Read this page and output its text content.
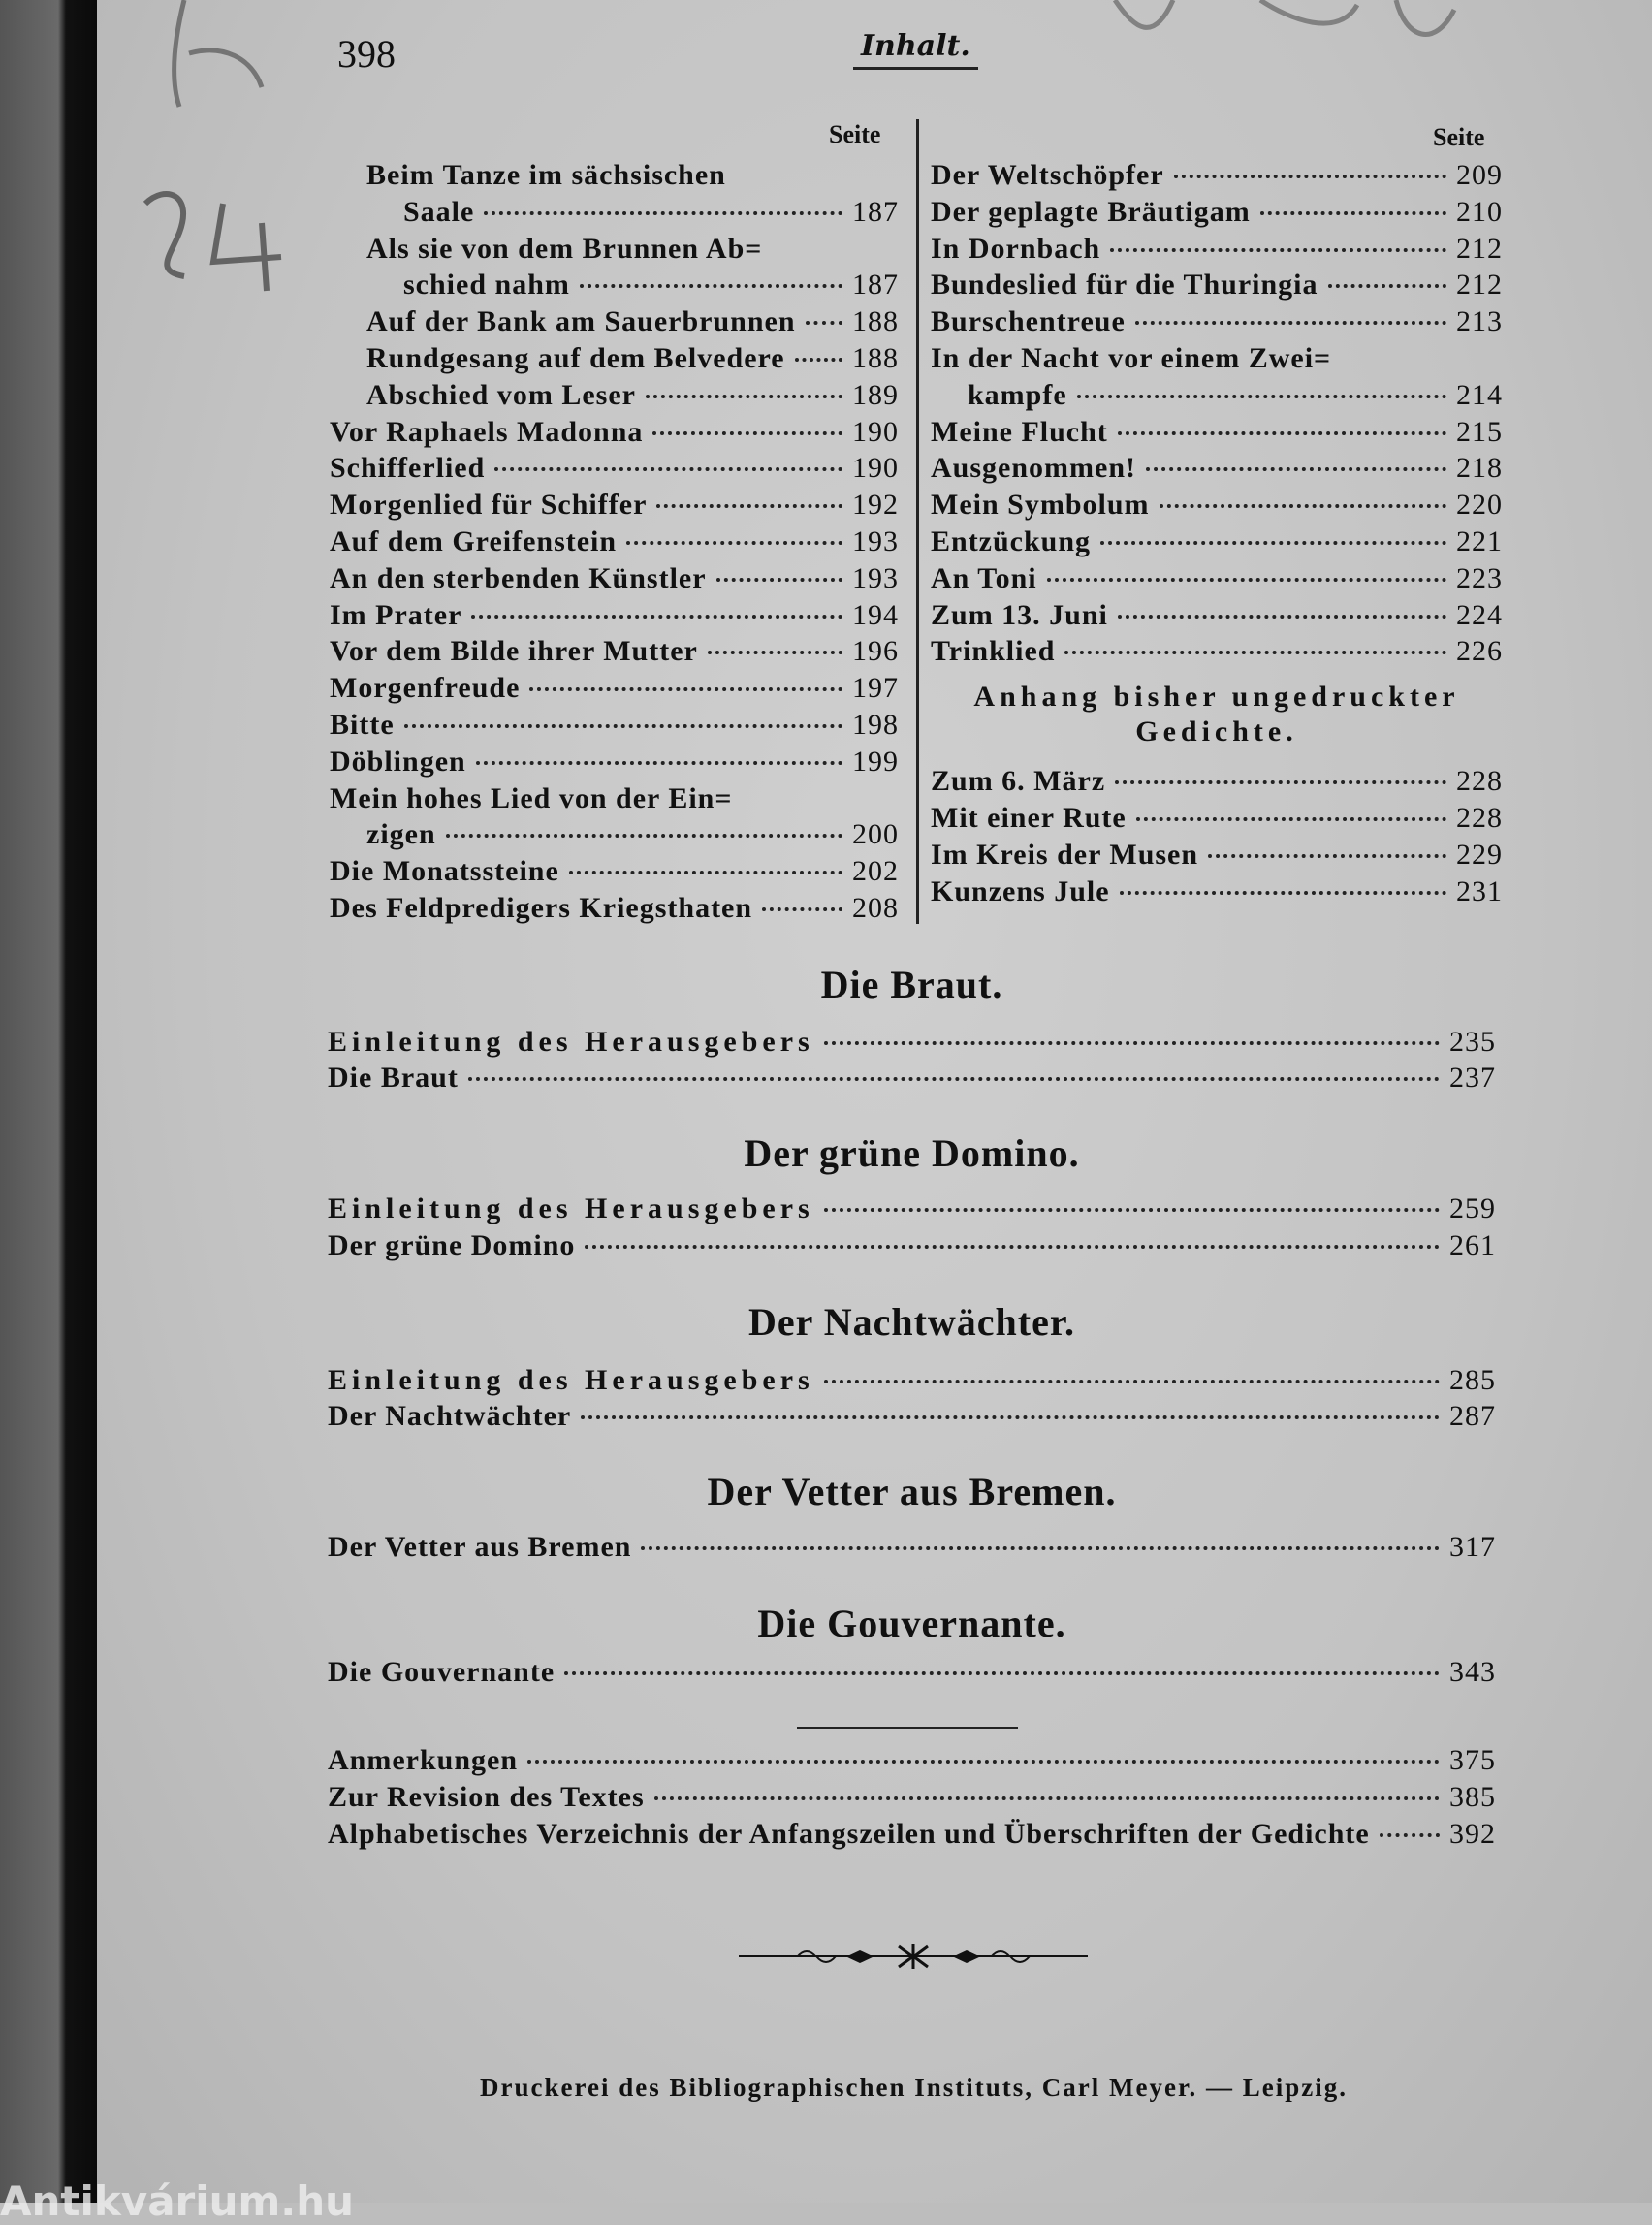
398	Inhalt.
Seite	Seite
Beim Tanze im sächsischen
Saale	187
Als sie von dem Brunnen Ab=
schied nahm	187
Auf der Bank am Sauerbrunnen 188
Rundgesang auf dem Belvedere 188
Abschied vom Leser	189
Vor Raphaels Madonna	190
Schifferlied	190
Morgenlied für Schiffer	192
Auf dem Greifenstein	193
An den sterbenden Künstler	193
Im Prater	194
Vor dem Bilde ihrer Mutter	196
Morgenfreude	197
Bitte	198
Döblingen	199
Mein hohes Lied von der Ein=
zigen	200
Die Monatssteine	202
Des Feldpredigers Kriegsthaten	208
Der Weltschöpfer	209
Der geplagte Bräutigam	210
In Dornbach	212
Bundeslied für die Thuringia	212
Burschentreue	213
In der Nacht vor einem Zwei=
kampfe	214
Meine Flucht	215
Ausgenommen!	218
Mein Symbolum	220
Entzückung	221
An Toni	223
Zum 13. Juni	224
Trinklied	226
Anhang bisher ungedruckter
Gedichte.
Zum 6. März	228
Mit einer Rute	228
Im Kreis der Musen	229
Kunzens Jule	231
Die Braut.
Einleitung des Herausgebers	235
Die Braut	237
Der grüne Domino.
Einleitung des Herausgebers	259
Der grüne Domino	261
Der Nachtwächter.
Einleitung des Herausgebers	285
Der Nachtwächter	287
Der Vetter aus Bremen.
Der Vetter aus Bremen	317
Die Gouvernante.
Die Gouvernante	343
Anmerkungen	375
Zur Revision des Textes	385
Alphabetisches Verzeichnis der Anfangszeilen und Überschriften der Gedichte	392
Druckerei des Bibliographischen Instituts, Carl Meyer. — Leipzig.
Antikvárium.hu
